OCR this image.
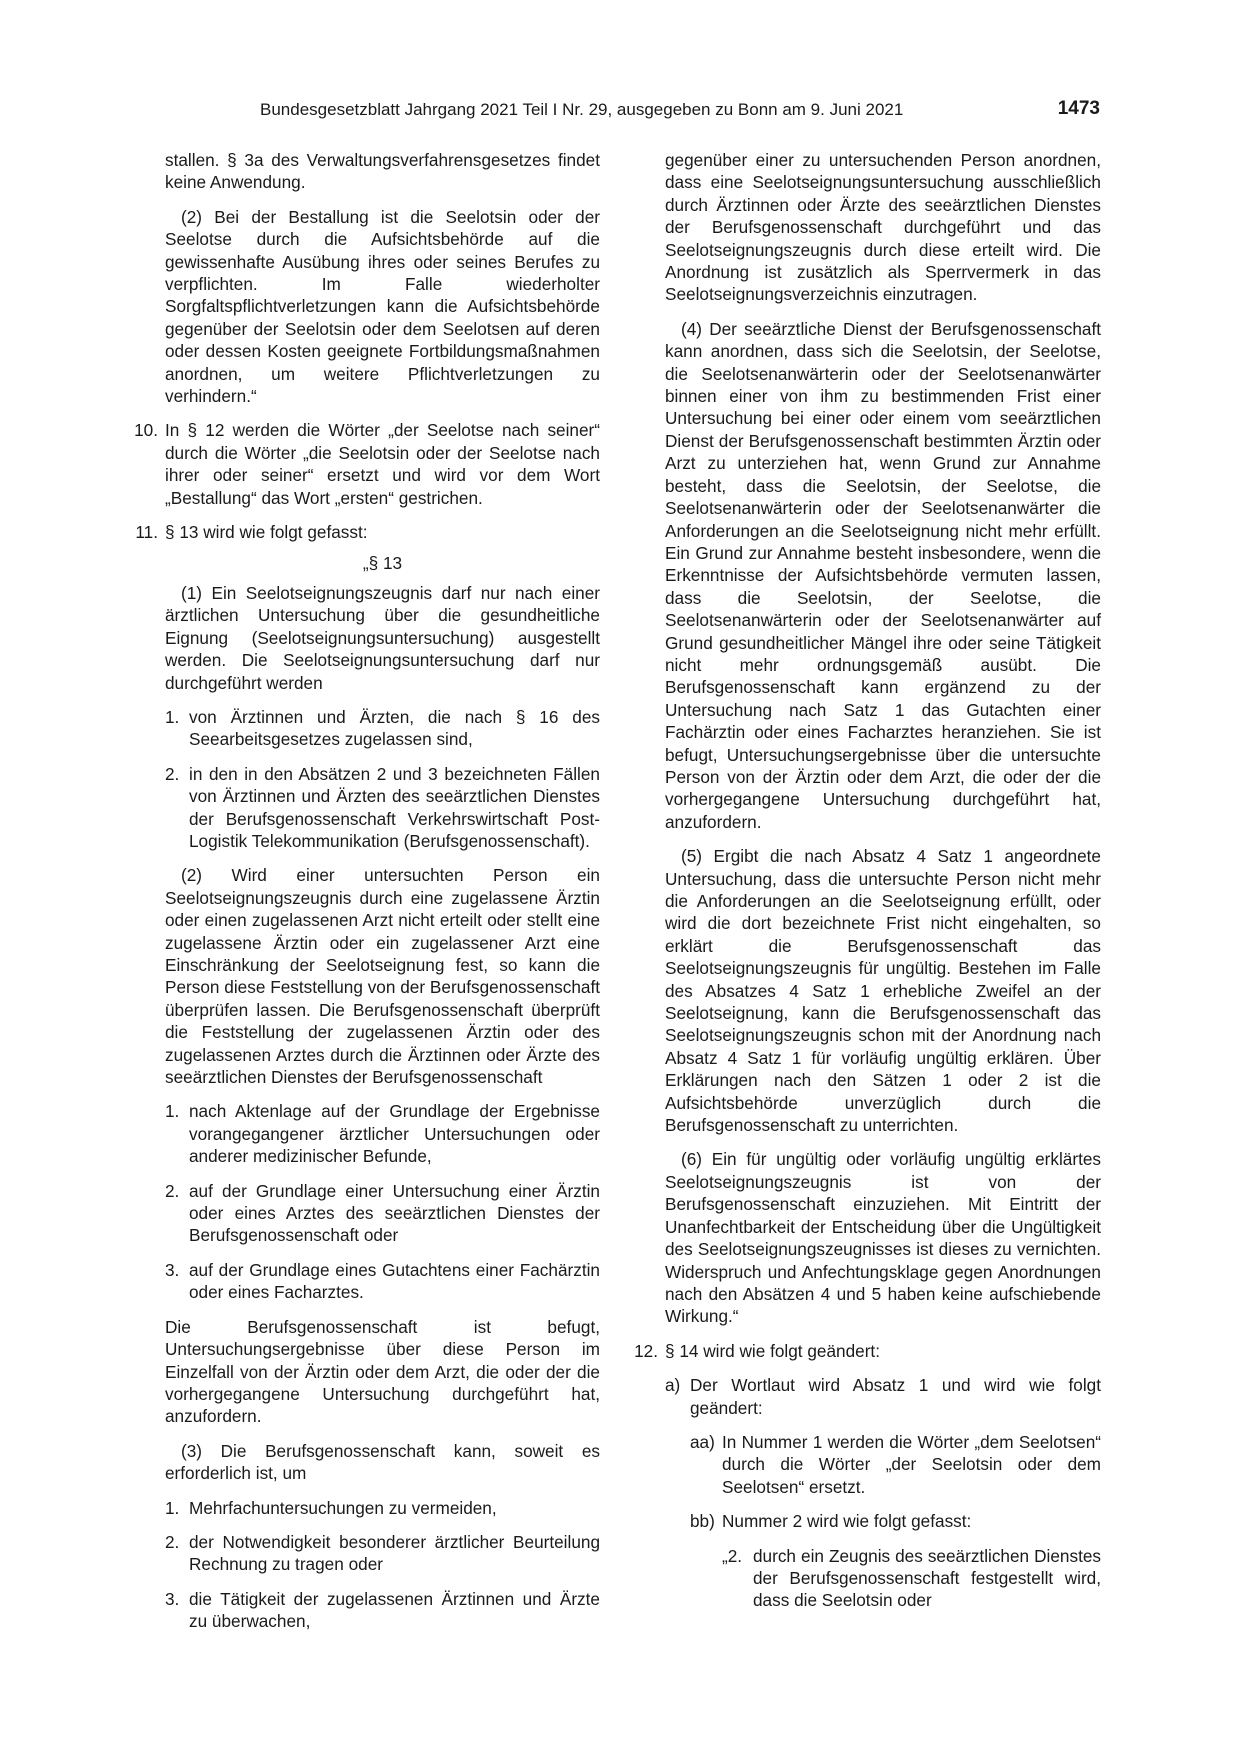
Bundesgesetzblatt Jahrgang 2021 Teil I Nr. 29, ausgegeben zu Bonn am 9. Juni 2021	1473

stallen. § 3a des Verwaltungsverfahrensgesetzes findet keine Anwendung.

(2) Bei der Bestallung ist die Seelotsin oder der Seelotse durch die Aufsichtsbehörde auf die gewissenhafte Ausübung ihres oder seines Berufes zu verpflichten. Im Falle wiederholter Sorgfaltspflichtverletzungen kann die Aufsichtsbehörde gegenüber der Seelotsin oder dem Seelotsen auf deren oder dessen Kosten geeignete Fortbildungsmaßnahmen anordnen, um weitere Pflichtverletzungen zu verhindern.“

10. In § 12 werden die Wörter „der Seelotse nach seiner“ durch die Wörter „die Seelotsin oder der Seelotse nach ihrer oder seiner“ ersetzt und wird vor dem Wort „Bestallung“ das Wort „ersten“ gestrichen.
11. § 13 wird wie folgt gefasst:

„§ 13

(1) Ein Seelotseignungszeugnis darf nur nach einer ärztlichen Untersuchung über die gesundheitliche Eignung (Seelotseignungsuntersuchung) ausgestellt werden. Die Seelotseignungsuntersuchung darf nur durchgeführt werden

1. von Ärztinnen und Ärzten, die nach § 16 des Seearbeitsgesetzes zugelassen sind,
2. in den in den Absätzen 2 und 3 bezeichneten Fällen von Ärztinnen und Ärzten des seeärztlichen Dienstes der Berufsgenossenschaft Verkehrswirtschaft Post-Logistik Telekommunikation (Berufsgenossenschaft).

(2) Wird einer untersuchten Person ein Seelotseignungszeugnis durch eine zugelassene Ärztin oder einen zugelassenen Arzt nicht erteilt oder stellt eine zugelassene Ärztin oder ein zugelassener Arzt eine Einschränkung der Seelotseignung fest, so kann die Person diese Feststellung von der Berufsgenossenschaft überprüfen lassen. Die Berufsgenossenschaft überprüft die Feststellung der zugelassenen Ärztin oder des zugelassenen Arztes durch die Ärztinnen oder Ärzte des seeärztlichen Dienstes der Berufsgenossenschaft

1. nach Aktenlage auf der Grundlage der Ergebnisse vorangegangener ärztlicher Untersuchungen oder anderer medizinischer Befunde,
2. auf der Grundlage einer Untersuchung einer Ärztin oder eines Arztes des seeärztlichen Dienstes der Berufsgenossenschaft oder
3. auf der Grundlage eines Gutachtens einer Fachärztin oder eines Facharztes.

Die Berufsgenossenschaft ist befugt, Untersuchungsergebnisse über diese Person im Einzelfall von der Ärztin oder dem Arzt, die oder der die vorhergegangene Untersuchung durchgeführt hat, anzufordern.

(3) Die Berufsgenossenschaft kann, soweit es erforderlich ist, um

1. Mehrfachuntersuchungen zu vermeiden,
2. der Notwendigkeit besonderer ärztlicher Beurteilung Rechnung zu tragen oder
3. die Tätigkeit der zugelassenen Ärztinnen und Ärzte zu überwachen,

gegenüber einer zu untersuchenden Person anordnen, dass eine Seelotseignungsuntersuchung ausschließlich durch Ärztinnen oder Ärzte des seeärztlichen Dienstes der Berufsgenossenschaft durchgeführt und das Seelotseignungszeugnis durch diese erteilt wird. Die Anordnung ist zusätzlich als Sperrvermerk in das Seelotseignungsverzeichnis einzutragen.

(4) Der seeärztliche Dienst der Berufsgenossenschaft kann anordnen, dass sich die Seelotsin, der Seelotse, die Seelotsenanwärterin oder der Seelotsenanwärter binnen einer von ihm zu bestimmenden Frist einer Untersuchung bei einer oder einem vom seeärztlichen Dienst der Berufsgenossenschaft bestimmten Ärztin oder Arzt zu unterziehen hat, wenn Grund zur Annahme besteht, dass die Seelotsin, der Seelotse, die Seelotsenanwärterin oder der Seelotsenanwärter die Anforderungen an die Seelotseignung nicht mehr erfüllt. Ein Grund zur Annahme besteht insbesondere, wenn die Erkenntnisse der Aufsichtsbehörde vermuten lassen, dass die Seelotsin, der Seelotse, die Seelotsenanwärterin oder der Seelotsenanwärter auf Grund gesundheitlicher Mängel ihre oder seine Tätigkeit nicht mehr ordnungsgemäß ausübt. Die Berufsgenossenschaft kann ergänzend zu der Untersuchung nach Satz 1 das Gutachten einer Fachärztin oder eines Facharztes heranziehen. Sie ist befugt, Untersuchungsergebnisse über die untersuchte Person von der Ärztin oder dem Arzt, die oder der die vorhergegangene Untersuchung durchgeführt hat, anzufordern.

(5) Ergibt die nach Absatz 4 Satz 1 angeordnete Untersuchung, dass die untersuchte Person nicht mehr die Anforderungen an die Seelotseignung erfüllt, oder wird die dort bezeichnete Frist nicht eingehalten, so erklärt die Berufsgenossenschaft das Seelotseignungszeugnis für ungültig. Bestehen im Falle des Absatzes 4 Satz 1 erhebliche Zweifel an der Seelotseignung, kann die Berufsgenossenschaft das Seelotseignungszeugnis schon mit der Anordnung nach Absatz 4 Satz 1 für vorläufig ungültig erklären. Über Erklärungen nach den Sätzen 1 oder 2 ist die Aufsichtsbehörde unverzüglich durch die Berufsgenossenschaft zu unterrichten.

(6) Ein für ungültig oder vorläufig ungültig erklärtes Seelotseignungszeugnis ist von der Berufsgenossenschaft einzuziehen. Mit Eintritt der Unanfechtbarkeit der Entscheidung über die Ungültigkeit des Seelotseignungszeugnisses ist dieses zu vernichten. Widerspruch und Anfechtungsklage gegen Anordnungen nach den Absätzen 4 und 5 haben keine aufschiebende Wirkung.“

12. § 14 wird wie folgt geändert:
a) Der Wortlaut wird Absatz 1 und wird wie folgt geändert:
aa) In Nummer 1 werden die Wörter „dem Seelotsen“ durch die Wörter „der Seelotsin oder dem Seelotsen“ ersetzt.
bb) Nummer 2 wird wie folgt gefasst:
„2. durch ein Zeugnis des seeärztlichen Dienstes der Berufsgenossenschaft festgestellt wird, dass die Seelotsin oder
